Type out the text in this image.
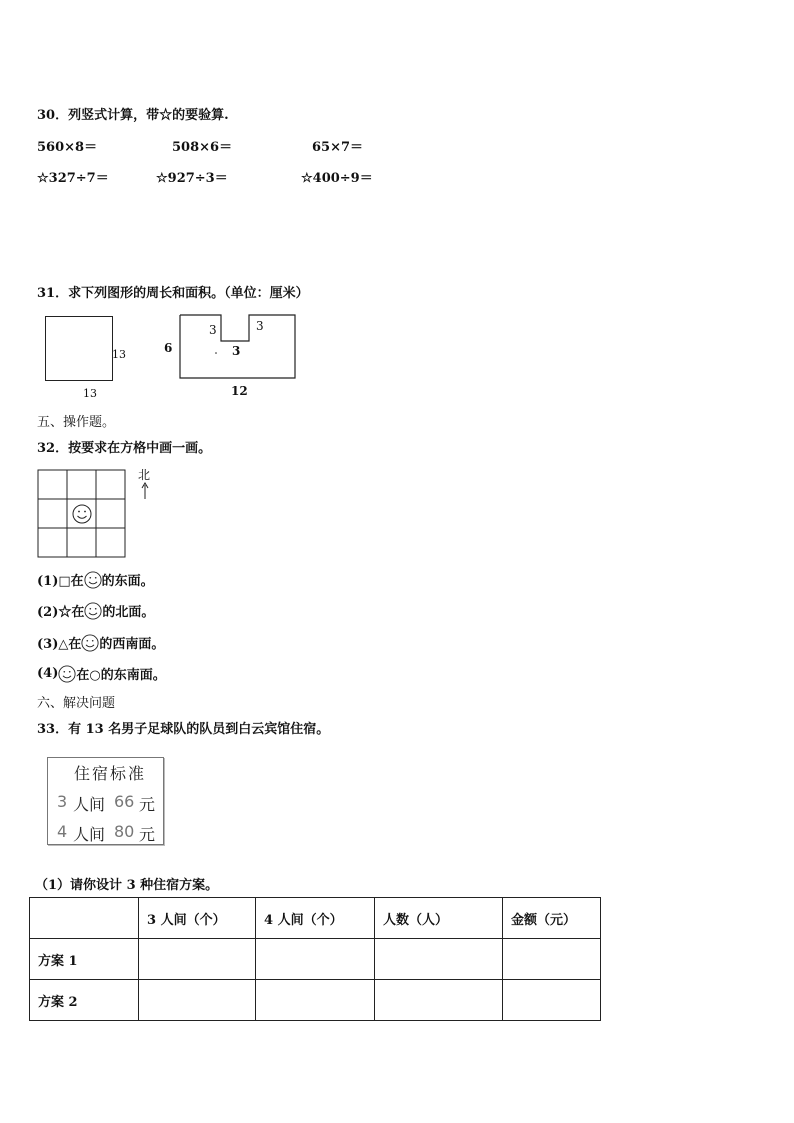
30．列竖式计算，带☆的要验算.
560×8＝	508×6＝	65×7＝
☆327÷7＝	☆927÷3＝	☆400÷9＝
31．求下列图形的周长和面积。（单位：厘米）
13
13
3	3
3
6
12
五、操作题。
32．按要求在方格中画一画。
北
(1)□在 的东面。
(2)☆在 的北面。
(3)△在 的西南面。
(4) 在○的东南面。
六、解决问题
33．有 13 名男子足球队的队员到白云宾馆住宿。
住宿标准
3 人间 66 元
4 人间 80 元
（1）请你设计 3 种住宿方案。
	3 人间（个）	4 人间（个）	人数（人）	金额（元）
方案 1				
方案 2				
